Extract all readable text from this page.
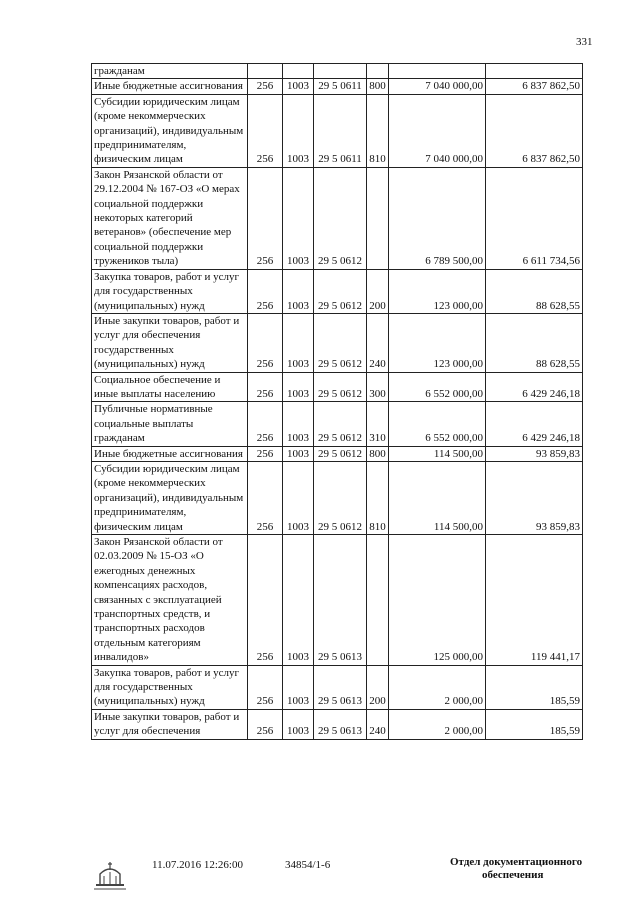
331
гражданам						
Иные бюджетные ассигнования	256	1003	29 5 0611	800	7 040 000,00	6 837 862,50
Субсидии юридическим лицам (кроме некоммерческих организаций), индивидуальным предпринимателям, физическим лицам	256	1003	29 5 0611	810	7 040 000,00	6 837 862,50
Закон Рязанской области от 29.12.2004 № 167-ОЗ «О мерах социальной поддержки некоторых категорий ветеранов» (обеспечение мер социальной поддержки тружеников тыла)	256	1003	29 5 0612		6 789 500,00	6 611 734,56
Закупка товаров, работ и услуг для государственных (муниципальных) нужд	256	1003	29 5 0612	200	123 000,00	88 628,55
Иные закупки товаров, работ и услуг для обеспечения государственных (муниципальных) нужд	256	1003	29 5 0612	240	123 000,00	88 628,55
Социальное обеспечение и иные выплаты населению	256	1003	29 5 0612	300	6 552 000,00	6 429 246,18
Публичные нормативные социальные выплаты гражданам	256	1003	29 5 0612	310	6 552 000,00	6 429 246,18
Иные бюджетные ассигнования	256	1003	29 5 0612	800	114 500,00	93 859,83
Субсидии юридическим лицам (кроме некоммерческих организаций), индивидуальным предпринимателям, физическим лицам	256	1003	29 5 0612	810	114 500,00	93 859,83
Закон Рязанской области от 02.03.2009 № 15-ОЗ «О ежегодных денежных компенсациях расходов, связанных с эксплуатацией транспортных средств, и транспортных расходов отдельным категориям инвалидов»	256	1003	29 5 0613		125 000,00	119 441,17
Закупка товаров, работ и услуг для государственных (муниципальных) нужд	256	1003	29 5 0613	200	2 000,00	185,59
Иные закупки товаров, работ и услуг для обеспечения	256	1003	29 5 0613	240	2 000,00	185,59
11.07.2016 12:26:00	34854/1-6	Отдел документационного
обеспечения
